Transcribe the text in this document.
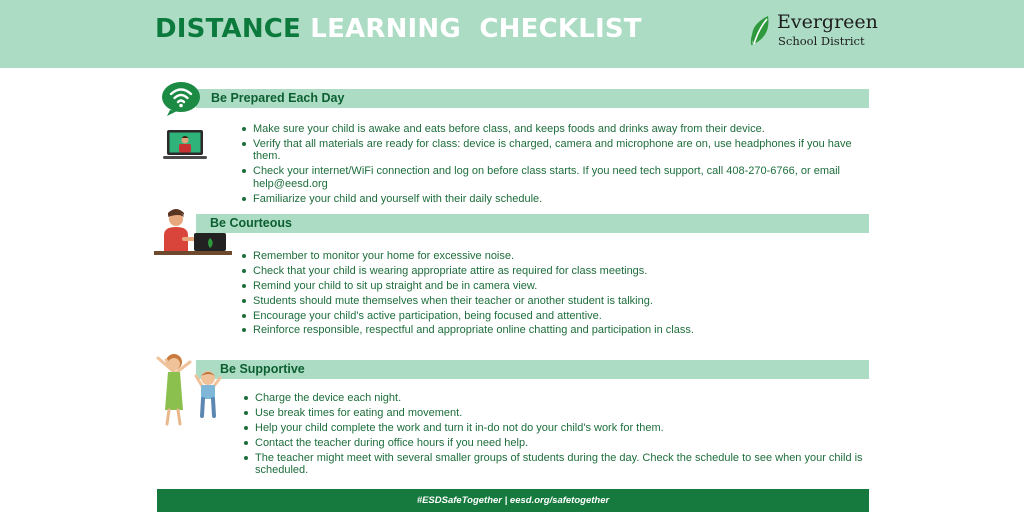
DISTANCE LEARNING  CHECKLIST	Evergreen
School District
Be Prepared Each Day
Make sure your child is awake and eats before class, and keeps foods and drinks away from their device.
Verify that all materials are ready for class: device is charged, camera and microphone are on, use headphones if you have them.
Check your internet/WiFi connection and log on before class starts. If you need tech support, call 408-270-6766, or email help@eesd.org
Familiarize your child and yourself with their daily schedule.
Be Courteous
Remember to monitor your home for excessive noise.
Check that your child is wearing appropriate attire as required for class meetings.
Remind your child to sit up straight and be in camera view.
Students should mute themselves when their teacher or another student is talking.
Encourage your child's active participation, being focused and attentive.
Reinforce responsible, respectful and appropriate online chatting and participation in class.
Be Supportive
Charge the device each night.
Use break times for eating and movement.
Help your child complete the work and turn it in-do not do your child's work for them.
Contact the teacher during office hours if you need help.
The teacher might meet with several smaller groups of students during the day. Check the schedule to see when your child is scheduled.
#ESDSafeTogether | eesd.org/safetogether
